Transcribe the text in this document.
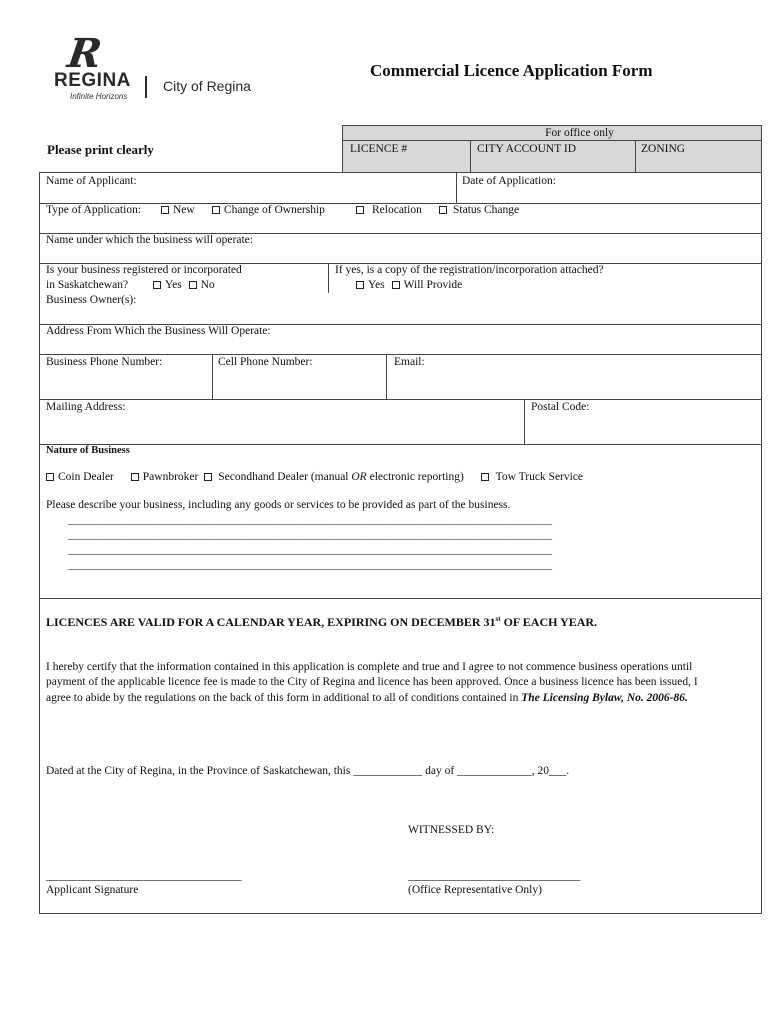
R
REGINA
Infinite Horizons
City of Regina
Commercial Licence Application Form
Please print clearly
For office only
LICENCE #	CITY ACCOUNT ID	ZONING
Name of Applicant:	Date of Application:
Type of Application:	New	Change of Ownership	Relocation	Status Change
Name under which the business will operate:
Is your business registered or incorporated
in Saskatchewan?	Yes No
If yes, is a copy of the registration/incorporation attached?
Yes Will Provide
Business Owner(s):
Address From Which the Business Will Operate:
Business Phone Number:	Cell Phone Number:	Email:
Mailing Address:	Postal Code:
Nature of Business
Coin Dealer	Pawnbroker Secondhand Dealer (manual OR electronic reporting)	Tow Truck Service
Please describe your business, including any goods or services to be provided as part of the business.
________________________________________________________________________________________
________________________________________________________________________________________
________________________________________________________________________________________
________________________________________________________________________________________
LICENCES ARE VALID FOR A CALENDAR YEAR, EXPIRING ON DECEMBER 31st OF EACH YEAR.
I hereby certify that the information contained in this application is complete and true and I agree to not commence business operations until payment of the applicable licence fee is made to the City of Regina and licence has been approved. Once a business licence has been issued, I agree to abide by the regulations on the back of this form in additional to all of conditions contained in The Licensing Bylaw, No. 2006-86.
Dated at the City of Regina, in the Province of Saskatchewan, this ____________ day of _____________, 20___.
WITNESSED BY:
__________________________________	______________________________
Applicant Signature	(Office Representative Only)
